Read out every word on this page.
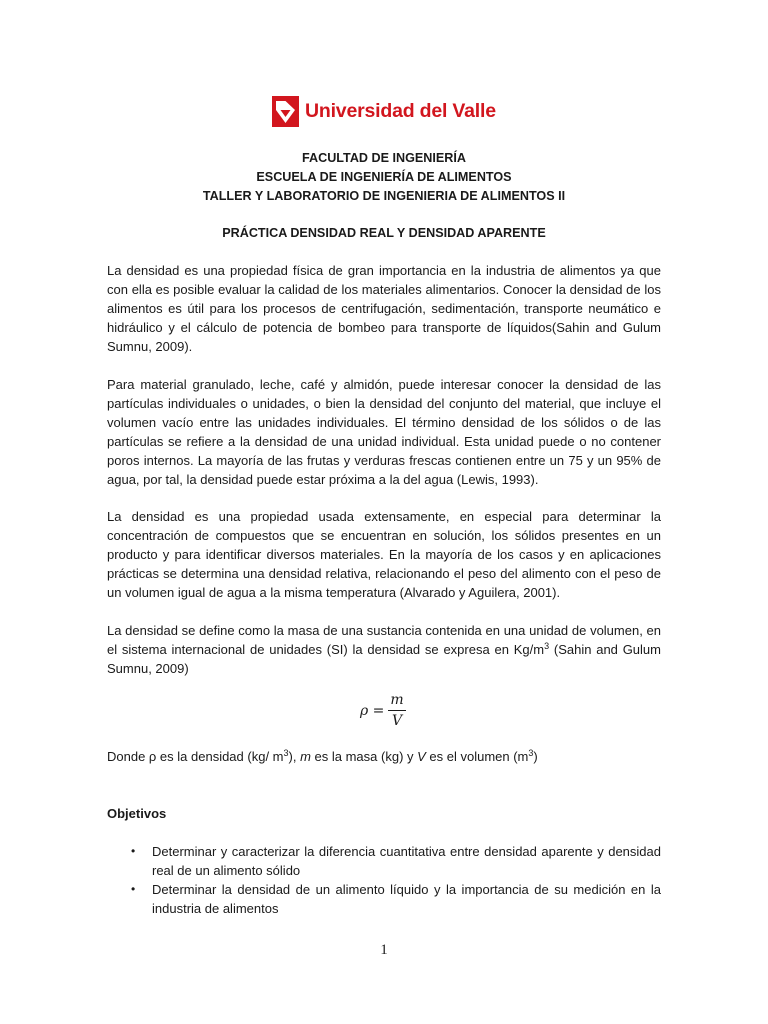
Universidad del Valle
FACULTAD DE INGENIERÍA
ESCUELA DE INGENIERÍA DE ALIMENTOS
TALLER Y LABORATORIO DE INGENIERIA DE ALIMENTOS II
PRÁCTICA DENSIDAD REAL Y DENSIDAD APARENTE

La densidad es una propiedad física de gran importancia en la industria de alimentos ya que con ella es posible evaluar la calidad de los materiales alimentarios. Conocer la densidad de los alimentos es útil para los procesos de centrifugación, sedimentación, transporte neumático e hidráulico y el cálculo de potencia de bombeo para transporte de líquidos(Sahin and Gulum Sumnu, 2009).

Para material granulado, leche, café y almidón, puede interesar conocer la densidad de las partículas individuales o unidades, o bien la densidad del conjunto del material, que incluye el volumen vacío entre las unidades individuales. El término densidad de los sólidos o de las partículas se refiere a la densidad de una unidad individual. Esta unidad puede o no contener poros internos. La mayoría de las frutas y verduras frescas contienen entre un 75 y un 95% de agua, por tal, la densidad puede estar próxima a la del agua (Lewis, 1993).

La densidad es una propiedad usada extensamente, en especial para determinar la concentración de compuestos que se encuentran en solución, los sólidos presentes en un producto y para identificar diversos materiales. En la mayoría de los casos y en aplicaciones prácticas se determina una densidad relativa, relacionando el peso del alimento con el peso de un volumen igual de agua a la misma temperatura (Alvarado y Aguilera, 2001).

La densidad se define como la masa de una sustancia contenida en una unidad de volumen, en el sistema internacional de unidades (SI) la densidad se expresa en $Kg/m^3$ (Sahin and Gulum Sumnu, 2009)

$\rho = \frac{m}{V}$
Donde ρ es la densidad (kg/ $m^3$), m es la masa (kg) y V es el volumen $(m^3)$
Objetivos
• Determinar y caracterizar la diferencia cuantitativa entre densidad aparente y densidad real de un alimento sólido
• Determinar la densidad de un alimento líquido y la importancia de su medición en la industria de alimentos
1
